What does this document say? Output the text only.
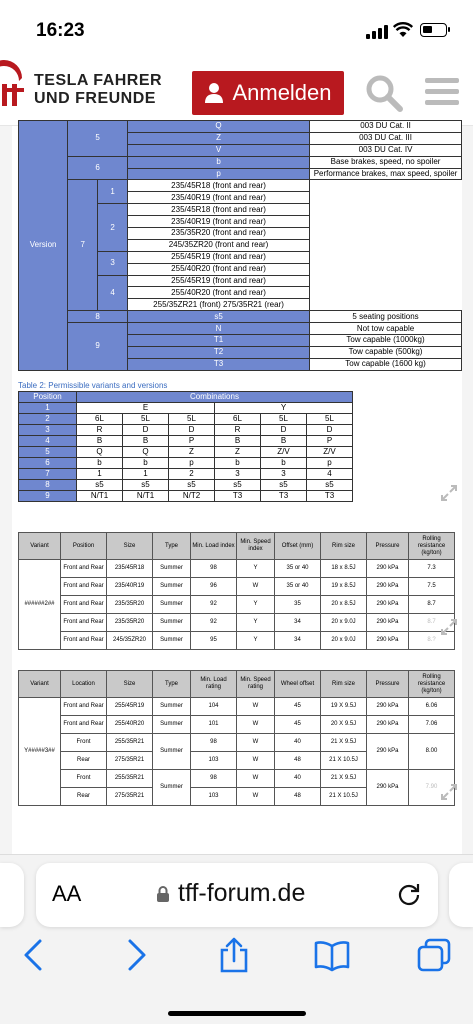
16:23
TESLA FAHRER
UND FREUNDE	Anmelden
Version	5		Q	003 DU Cat. II
			Z	003 DU Cat. III
			V	003 DU Cat. IV
	6		b	Base brakes, speed, no spoiler
			p	Performance brakes, max speed, spoiler
	7	1	235/45R18 (front and rear)	
			235/40R19 (front and rear)	
		2	235/45R18 (front and rear)	
			235/40R19 (front and rear)	
			235/35R20 (front and rear)	
			245/35ZR20 (front and rear)	
		3	255/45R19 (front and rear)	
			255/40R20 (front and rear)	
		4	255/45R19 (front and rear)	
			255/40R20 (front and rear)	
			255/35ZR21 (front) 275/35R21 (rear)	
	8		s5	5 seating positions
	9		N	Not tow capable
			T1	Tow capable (1000kg)
			T2	Tow capable (500kg)
			T3	Tow capable (1600 kg)
Table 2: Permissible variants and versions
Position	Combinations					
1	E			Y		
2	6L	5L	5L	6L	5L	5L
3	R	D	D	R	D	D
4	B	B	P	B	B	P
5	Q	Q	Z	Z	Z/V	Z/V
6	b	b	p	b	b	p
7	1	1	2	3	3	4
8	s5	s5	s5	s5	s5	s5
9	N/T1	N/T1	N/T2	T3	T3	T3
Variant	Position	Size	Type	Min. Load index	Min. Speed index	Offset (mm)	Rim size	Pressure	Rolling resistance (kg/ton)
######2##	Front and Rear	235/45R18	Summer	98	Y	35 or 40	18 x 8.5J	290 kPa	7.3
	Front and Rear	235/40R19	Summer	96	W	35 or 40	19 x 8.5J	290 kPa	7.5
	Front and Rear	235/35R20	Summer	92	Y	35	20 x 8.5J	290 kPa	8.7
	Front and Rear	235/35R20	Summer	92	Y	34	20 x 9.0J	290 kPa	8.7
	Front and Rear	245/35ZR20	Summer	95	Y	34	20 x 9.0J	290 kPa	8.?
Variant	Location	Size	Type	Min. Load rating	Min. Speed rating	Wheel offset	Rim size	Pressure	Rolling resistance (kg/ton)
Y#####3##	Front and Rear	255/45R19	Summer	104	W	45	19 X 9.5J	290 kPa	6.06
	Front and Rear	255/40R20	Summer	101	W	45	20 X 9.5J	290 kPa	7.06
	Front	255/35R21	Summer	98	W	40	21 X 9.5J	290 kPa	8.00
	Rear	275/35R21		103	W	48	21 X 10.5J		
	Front	255/35R21	Summer	98	W	40	21 X 9.5J	290 kPa	7.90
	Rear	275/35R21		103	W	48	21 X 10.5J		
AA	tff-forum.de
